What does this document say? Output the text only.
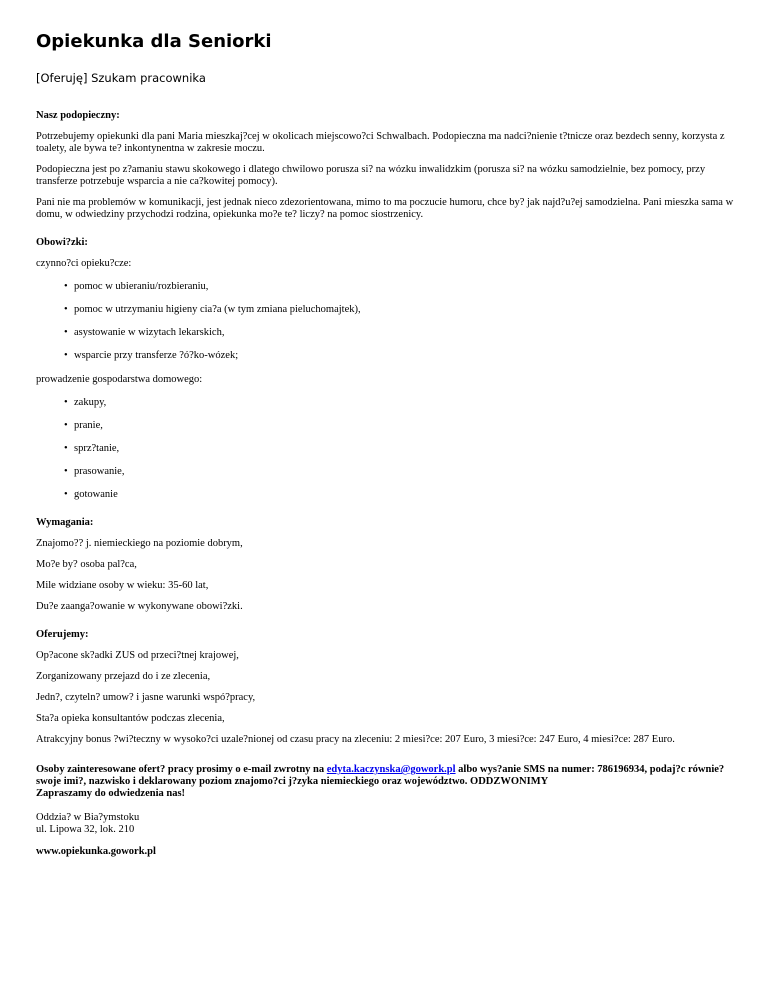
Opiekunka dla Seniorki
[Oferuję] Szukam pracownika

Nasz podopieczny:

Potrzebujemy opiekunki dla pani Maria mieszkaj?cej w okolicach miejscowo?ci Schwalbach. Podopieczna ma nadci?nienie t?tnicze oraz bezdech senny, korzysta z toalety, ale bywa te? inkontynentna w zakresie moczu.

Podopieczna jest po z?amaniu stawu skokowego i dlatego chwilowo porusza si? na wózku inwalidzkim (porusza si? na wózku samodzielnie, bez pomocy, przy transferze potrzebuje wsparcia a nie ca?kowitej pomocy).

Pani nie ma problemów w komunikacji, jest jednak nieco zdezorientowana, mimo to ma poczucie humoru, chce by? jak najd?u?ej samodzielna. Pani mieszka sama w domu, w odwiedziny przychodzi rodzina, opiekunka mo?e te? liczy? na pomoc siostrzenicy.

Obowi?zki:

czynno?ci opieku?cze:

• pomoc w ubieraniu/rozbieraniu,
• pomoc w utrzymaniu higieny cia?a (w tym zmiana pieluchomajtek),
• asystowanie w wizytach lekarskich,
• wsparcie przy transferze ?ó?ko-wózek;

prowadzenie gospodarstwa domowego:

• zakupy,
• pranie,
• sprz?tanie,
• prasowanie,
• gotowanie

Wymagania:

Znajomo?? j. niemieckiego na poziomie dobrym,

Mo?e by? osoba pal?ca,

Mile widziane osoby w wieku: 35-60 lat,

Du?e zaanga?owanie w wykonywane obowi?zki.

Oferujemy:

Op?acone sk?adki ZUS od przeci?tnej krajowej,

Zorganizowany przejazd do i ze zlecenia,

Jedn?, czyteln? umow? i jasne warunki wspó?pracy,

Sta?a opieka konsultantów podczas zlecenia,

Atrakcyjny bonus ?wi?teczny w wysoko?ci uzale?nionej od czasu pracy na zleceniu: 2 miesi?ce: 207 Euro, 3 miesi?ce: 247 Euro, 4 miesi?ce: 287 Euro.

Osoby zainteresowane ofert? pracy prosimy o e-mail zwrotny na edyta.kaczynska@gowork.pl albo wys?anie SMS na numer: 786196934, podaj?c równie? swoje imi?, nazwisko i deklarowany poziom znajomo?ci j?zyka niemieckiego oraz województwo. ODDZWONIMY
Zapraszamy do odwiedzenia nas!

Oddzia? w Bia?ymstoku
ul. Lipowa 32, lok. 210

www.opiekunka.gowork.pl
